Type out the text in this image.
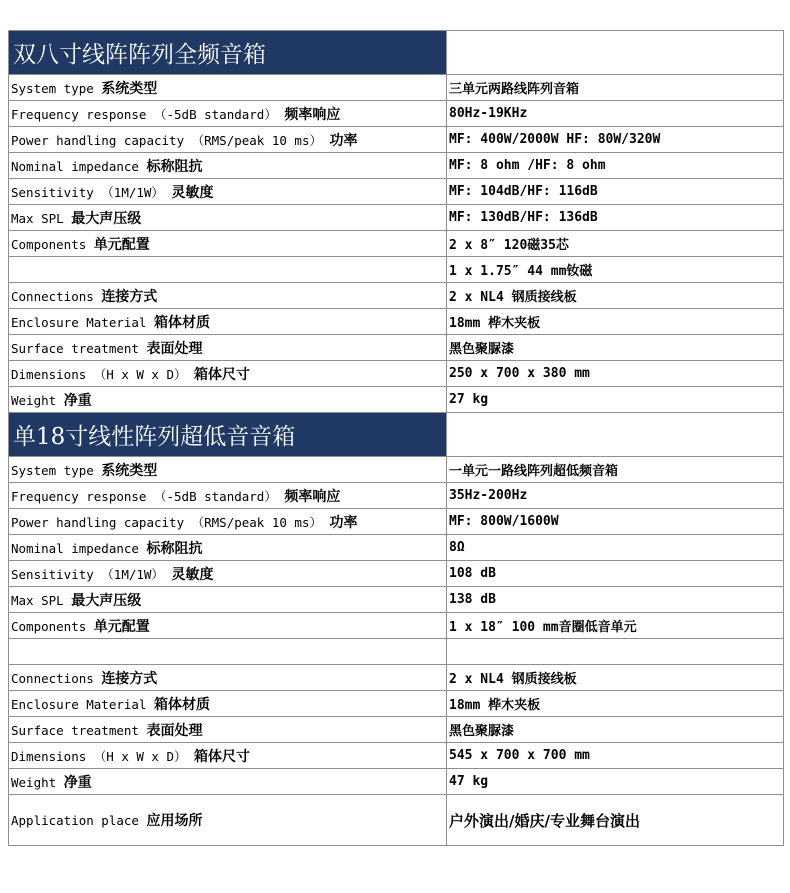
双八寸线阵阵列全频音箱	
System type 系统类型	三单元两路线阵列音箱
Frequency response （-5dB standard） 频率响应	80Hz-19KHz
Power handling capacity （RMS/peak 10 ms） 功率	MF: 400W/2000W HF: 80W/320W
Nominal impedance 标称阻抗	MF: 8 ohm /HF: 8 ohm
Sensitivity （1M/1W） 灵敏度	MF: 104dB/HF: 116dB
Max SPL 最大声压级	MF: 130dB/HF: 136dB
Components 单元配置	2 x 8″ 120磁35芯
	1 x 1.75″ 44 mm钕磁
Connections 连接方式	2 x NL4 钢质接线板
Enclosure Material 箱体材质	18mm 桦木夹板
Surface treatment 表面处理	黑色聚脲漆
Dimensions （H x W x D） 箱体尺寸	250 x 700 x 380 mm
Weight 净重	27 kg
单18寸线性阵列超低音音箱	
System type 系统类型	一单元一路线阵列超低频音箱
Frequency response （-5dB standard） 频率响应	35Hz-200Hz
Power handling capacity （RMS/peak 10 ms） 功率	MF: 800W/1600W
Nominal impedance 标称阻抗	8Ω
Sensitivity （1M/1W） 灵敏度	108 dB
Max SPL 最大声压级	138 dB
Components 单元配置	1 x 18″ 100 mm音圈低音单元

Connections 连接方式	2 x NL4 钢质接线板
Enclosure Material 箱体材质	18mm 桦木夹板
Surface treatment 表面处理	黑色聚脲漆
Dimensions （H x W x D） 箱体尺寸	545 x 700 x 700 mm
Weight 净重	47 kg
Application place 应用场所	户外演出/婚庆/专业舞台演出
